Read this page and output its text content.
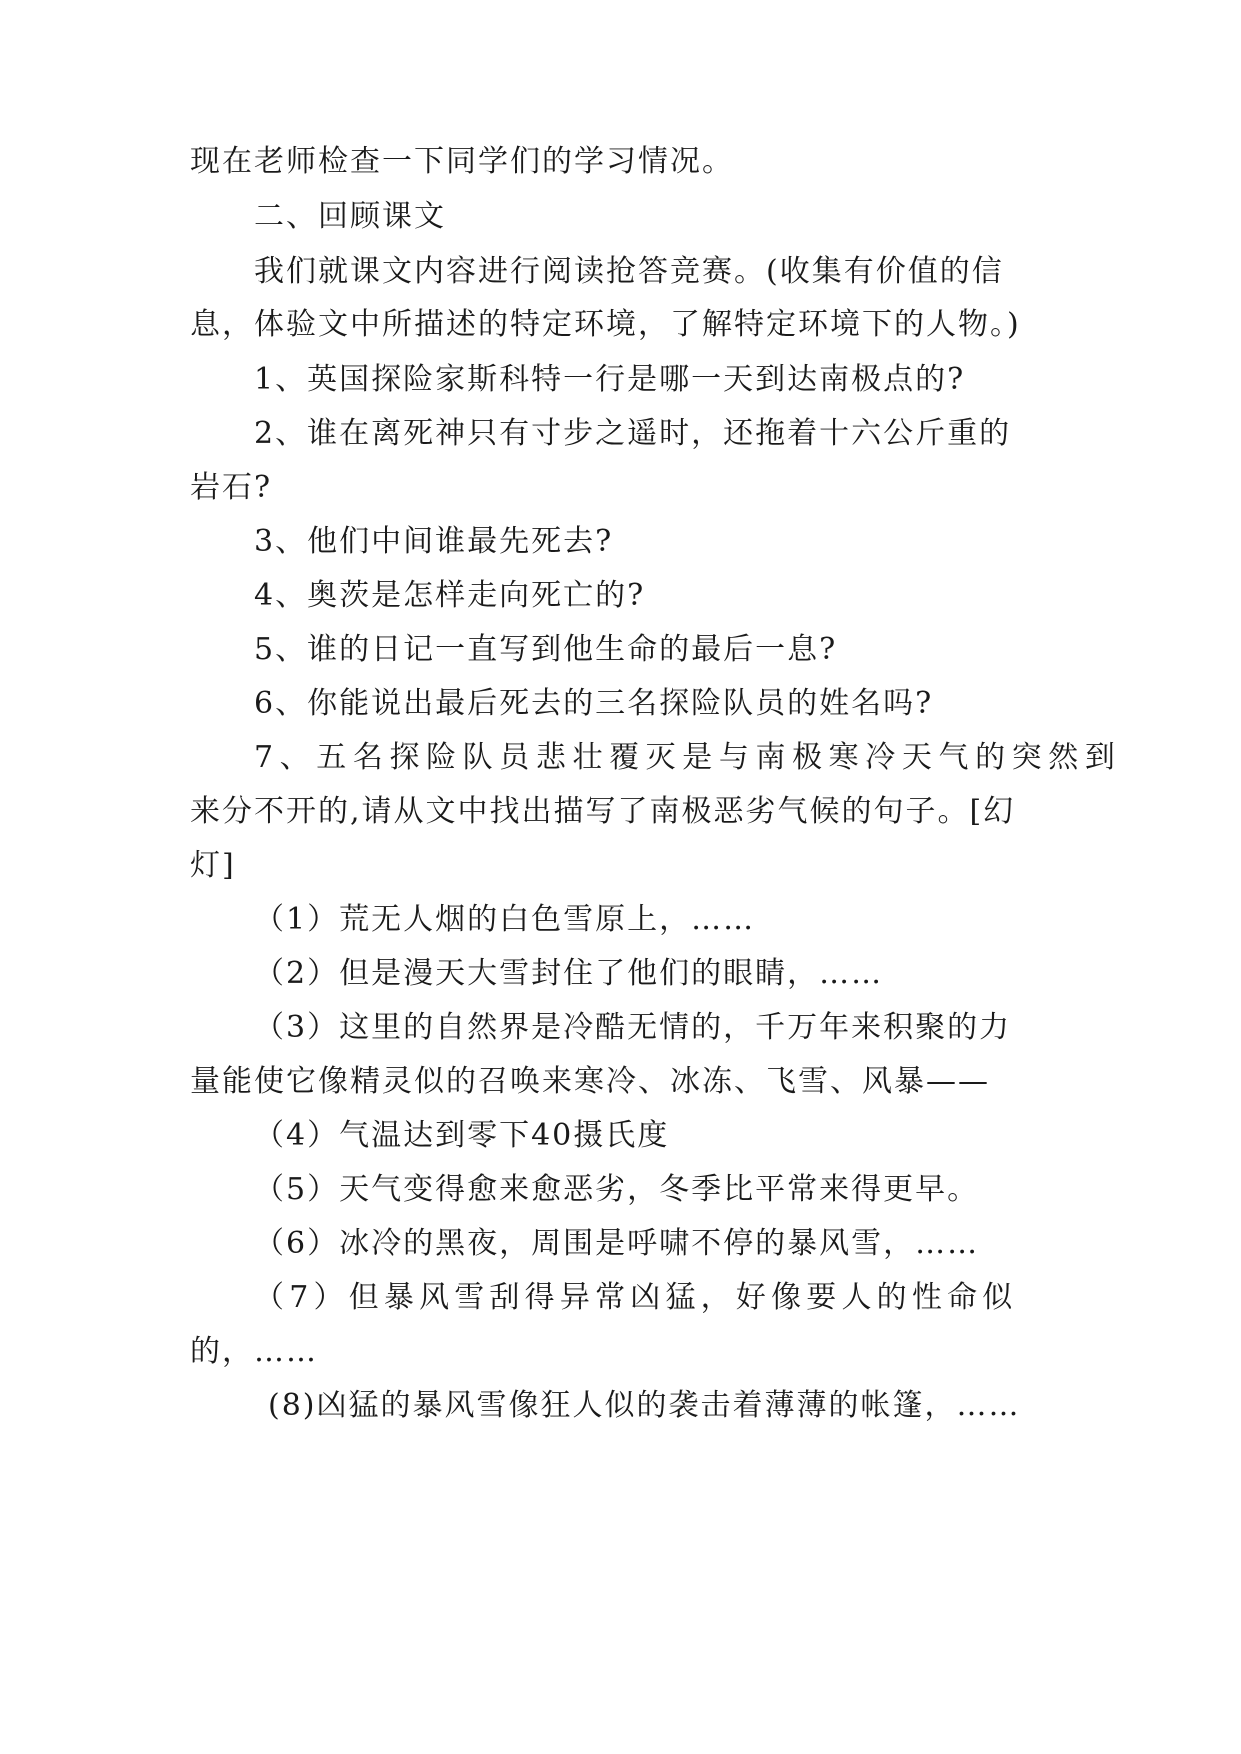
现在老师检查一下同学们的学习情况。
二、回顾课文
我们就课文内容进行阅读抢答竞赛。(收集有价值的信
息，体验文中所描述的特定环境，了解特定环境下的人物。)
1、英国探险家斯科特一行是哪一天到达南极点的?
2、谁在离死神只有寸步之遥时，还拖着十六公斤重的
岩石?
3、他们中间谁最先死去?
4、奥茨是怎样走向死亡的?
5、谁的日记一直写到他生命的最后一息?
6、你能说出最后死去的三名探险队员的姓名吗?
7、五名探险队员悲壮覆灭是与南极寒冷天气的突然到
来分不开的,请从文中找出描写了南极恶劣气候的句子。[幻
灯]
（1）荒无人烟的白色雪原上，……
（2）但是漫天大雪封住了他们的眼睛，……
（3）这里的自然界是冷酷无情的，千万年来积聚的力
量能使它像精灵似的召唤来寒冷、冰冻、飞雪、风暴——
（4）气温达到零下40摄氏度
（5）天气变得愈来愈恶劣，冬季比平常来得更早。
（6）冰冷的黑夜，周围是呼啸不停的暴风雪，……
（7）但暴风雪刮得异常凶猛，好像要人的性命似
的，……
(8)凶猛的暴风雪像狂人似的袭击着薄薄的帐篷，……
